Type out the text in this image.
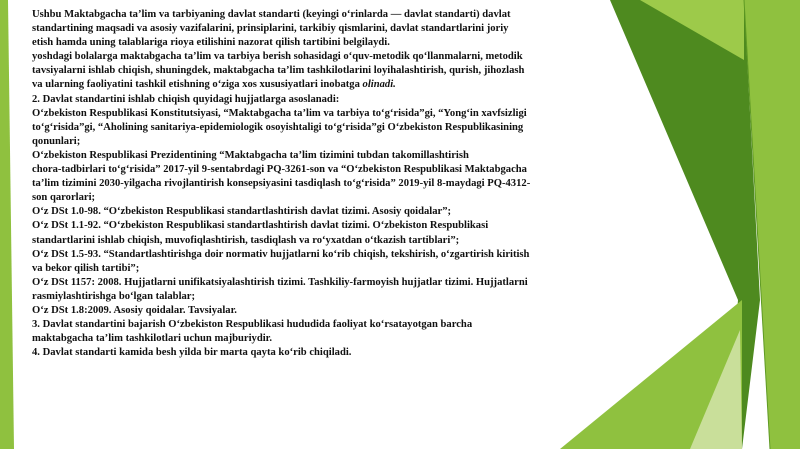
Ushbu Maktabgacha ta’lim va tarbiyaning davlat standarti (keyingi o‘rinlarda — davlat standarti) davlat
standartining maqsadi va asosiy vazifalarini, prinsiplarini, tarkibiy qismlarini, davlat standartlarini joriy
etish hamda uning talablariga rioya etilishini nazorat qilish tartibini belgilaydi.
yoshdagi bolalarga maktabgacha ta’lim va tarbiya berish sohasidagi o‘quv-metodik qo‘llanmalarni, metodik
tavsiyalarni ishlab chiqish, shuningdek, maktabgacha ta’lim tashkilotlarini loyihalashtirish, qurish, jihozlash
va ularning faoliyatini tashkil etishning o‘ziga xos xususiyatlari inobatga olinadi.
2. Davlat standartini ishlab chiqish quyidagi hujjatlarga asoslanadi:
O‘zbekiston Respublikasi Konstitutsiyasi, “Maktabgacha ta’lim va tarbiya to‘g‘risida”gi, “Yong‘in xavfsizligi
to‘g‘risida”gi, “Aholining sanitariya-epidemiologik osoyishtaligi to‘g‘risida”gi O‘zbekiston Respublikasining
qonunlari;
O‘zbekiston Respublikasi Prezidentining “Maktabgacha ta’lim tizimini tubdan takomillashtirish
chora-tadbirlari to‘g‘risida” 2017-yil 9-sentabrdagi PQ-3261-son va “O‘zbekiston Respublikasi Maktabgacha
ta’lim tizimini 2030-yilgacha rivojlantirish konsepsiyasini tasdiqlash to‘g‘risida” 2019-yil 8-maydagi PQ-4312-
son qarorlari;
O‘z DSt 1.0-98. “O‘zbekiston Respublikasi standartlashtirish davlat tizimi. Asosiy qoidalar”;
O‘z DSt 1.1-92. “O‘zbekiston Respublikasi standartlashtirish davlat tizimi. O‘zbekiston Respublikasi
standartlarini ishlab chiqish, muvofiqlashtirish, tasdiqlash va ro‘yxatdan o‘tkazish tartiblari”;
O‘z DSt 1.5-93. “Standartlashtirishga doir normativ hujjatlarni ko‘rib chiqish, tekshirish, o‘zgartirish kiritish
va bekor qilish tartibi”;
O‘z DSt 1157: 2008. Hujjatlarni unifikatsiyalashtirish tizimi. Tashkiliy-farmoyish hujjatlar tizimi. Hujjatlarni
rasmiylashtirishga bo‘lgan talablar;
O‘z DSt 1.8:2009. Asosiy qoidalar. Tavsiyalar.
3. Davlat standartini bajarish O‘zbekiston Respublikasi hududida faoliyat ko‘rsatayotgan barcha
maktabgacha ta’lim tashkilotlari uchun majburiydir.
4. Davlat standarti kamida besh yilda bir marta qayta ko‘rib chiqiladi.
